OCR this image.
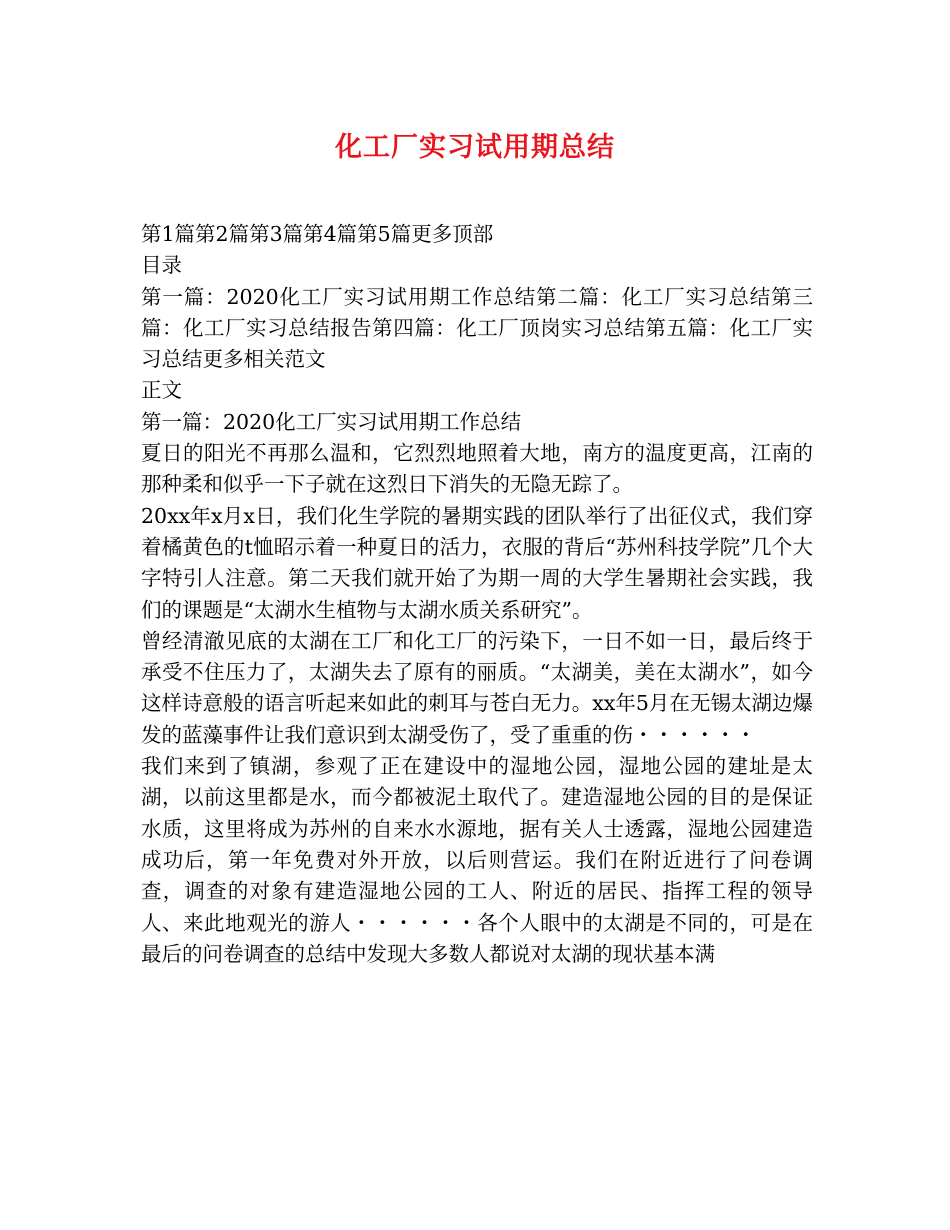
化工厂实习试用期总结

第1篇第2篇第3篇第4篇第5篇更多顶部

目录

第一篇：2020化工厂实习试用期工作总结第二篇：化工厂实习总结第三篇：化工厂实习总结报告第四篇：化工厂顶岗实习总结第五篇：化工厂实习总结更多相关范文

正文

第一篇：2020化工厂实习试用期工作总结

夏日的阳光不再那么温和，它烈烈地照着大地，南方的温度更高，江南的那种柔和似乎一下子就在这烈日下消失的无隐无踪了。

20xx年x月x日，我们化生学院的暑期实践的团队举行了出征仪式，我们穿着橘黄色的t恤昭示着一种夏日的活力，衣服的背后“苏州科技学院”几个大字特引人注意。第二天我们就开始了为期一周的大学生暑期社会实践，我们的课题是“太湖水生植物与太湖水质关系研究”。

曾经清澈见底的太湖在工厂和化工厂的污染下，一日不如一日，最后终于承受不住压力了，太湖失去了原有的丽质。“太湖美，美在太湖水”，如今这样诗意般的语言听起来如此的刺耳与苍白无力。xx年5月在无锡太湖边爆发的蓝藻事件让我们意识到太湖受伤了，受了重重的伤・・・・・・

我们来到了镇湖，参观了正在建设中的湿地公园，湿地公园的建址是太湖，以前这里都是水，而今都被泥土取代了。建造湿地公园的目的是保证水质，这里将成为苏州的自来水水源地，据有关人士透露，湿地公园建造成功后，第一年免费对外开放，以后则营运。我们在附近进行了问卷调查，调查的对象有建造湿地公园的工人、附近的居民、指挥工程的领导人、来此地观光的游人・・・・・・各个人眼中的太湖是不同的，可是在最后的问卷调查的总结中发现大多数人都说对太湖的现状基本满
